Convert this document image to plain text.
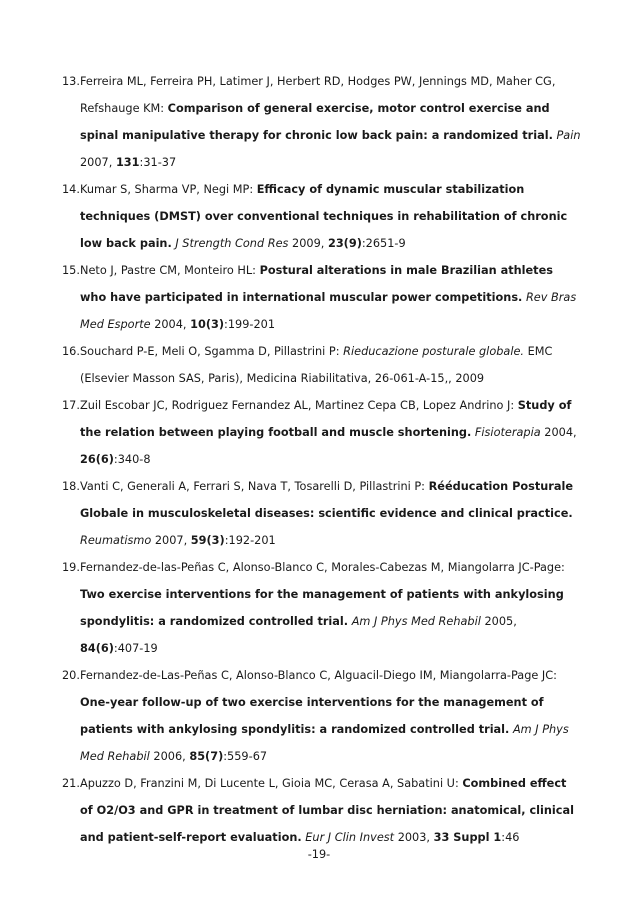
13. Ferreira ML, Ferreira PH, Latimer J, Herbert RD, Hodges PW, Jennings MD, Maher CG, Refshauge KM: Comparison of general exercise, motor control exercise and spinal manipulative therapy for chronic low back pain: a randomized trial. Pain 2007, 131:31-37
14. Kumar S, Sharma VP, Negi MP: Efficacy of dynamic muscular stabilization techniques (DMST) over conventional techniques in rehabilitation of chronic low back pain. J Strength Cond Res 2009, 23(9):2651-9
15. Neto J, Pastre CM, Monteiro HL: Postural alterations in male Brazilian athletes who have participated in international muscular power competitions. Rev Bras Med Esporte 2004, 10(3):199-201
16. Souchard P-E, Meli O, Sgamma D, Pillastrini P: Rieducazione posturale globale. EMC (Elsevier Masson SAS, Paris), Medicina Riabilitativa, 26-061-A-15,, 2009
17. Zuil Escobar JC, Rodriguez Fernandez AL, Martinez Cepa CB, Lopez Andrino J: Study of the relation between playing football and muscle shortening. Fisioterapia 2004, 26(6):340-8
18. Vanti C, Generali A, Ferrari S, Nava T, Tosarelli D, Pillastrini P: Rééducation Posturale Globale in musculoskeletal diseases: scientific evidence and clinical practice. Reumatismo 2007, 59(3):192-201
19. Fernandez-de-las-Peñas C, Alonso-Blanco C, Morales-Cabezas M, Miangolarra JC-Page: Two exercise interventions for the management of patients with ankylosing spondylitis: a randomized controlled trial. Am J Phys Med Rehabil 2005, 84(6):407-19
20. Fernandez-de-Las-Peñas C, Alonso-Blanco C, Alguacil-Diego IM, Miangolarra-Page JC: One-year follow-up of two exercise interventions for the management of patients with ankylosing spondylitis: a randomized controlled trial. Am J Phys Med Rehabil 2006, 85(7):559-67
21. Apuzzo D, Franzini M, Di Lucente L, Gioia MC, Cerasa A, Sabatini U: Combined effect of O2/O3 and GPR in treatment of lumbar disc herniation: anatomical, clinical and patient-self-report evaluation. Eur J Clin Invest 2003, 33 Suppl 1:46
-19-
